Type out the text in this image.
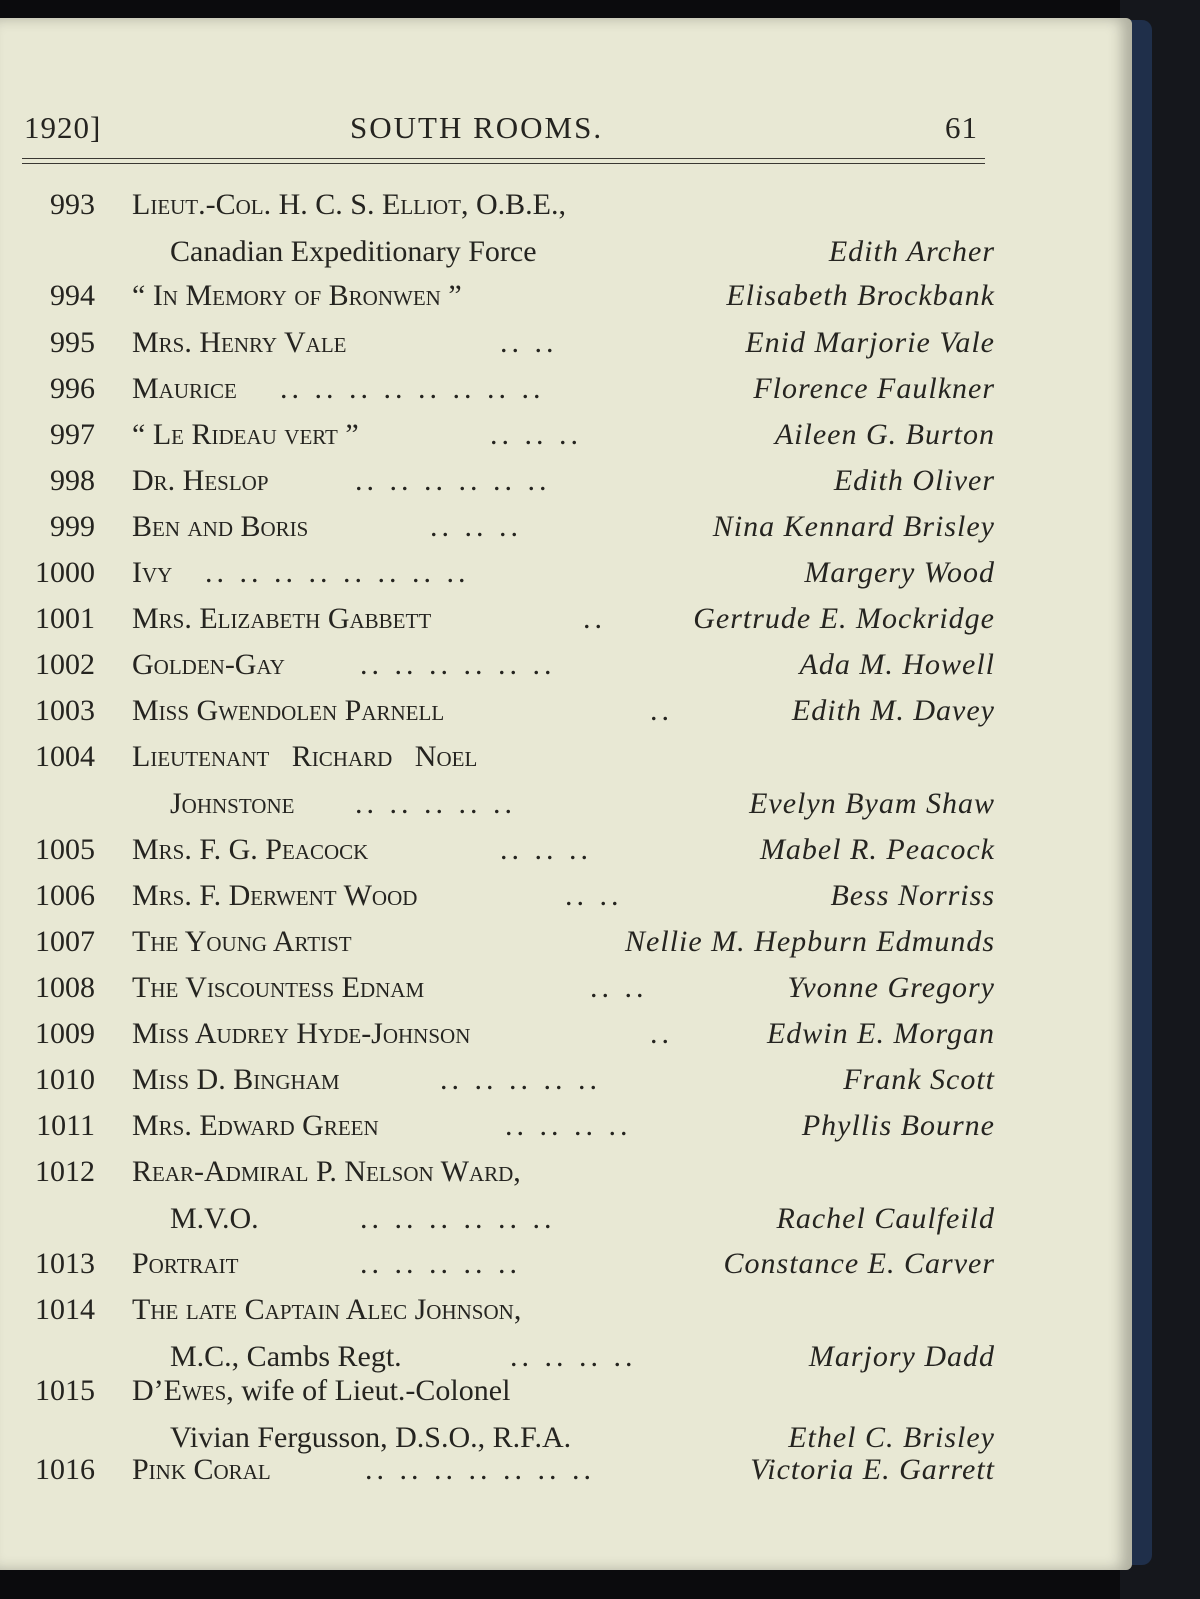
1920]	SOUTH ROOMS.	61
993 Lieut.-Col. H. C. S. Elliot, O.B.E.,
Canadian Expeditionary Force	Edith Archer
994 “ In Memory of Bronwen ”	Elisabeth Brockbank
995 Mrs. Henry Vale	.. ..	Enid Marjorie Vale
996 Maurice .. .. .. .. .. .. .. ..	Florence Faulkner
997 “ Le Rideau vert ”	.. .. ..	Aileen G. Burton
998 Dr. Heslop	.. .. .. .. .. ..	Edith Oliver
999 Ben and Boris	.. .. ..	Nina Kennard Brisley
1000 Ivy .. .. .. .. .. .. .. ..	Margery Wood
1001 Mrs. Elizabeth Gabbett	..	Gertrude E. Mockridge
1002 Golden-Gay	.. .. .. .. .. ..	Ada M. Howell
1003 Miss Gwendolen Parnell	..	Edith M. Davey
1004 Lieutenant   Richard   Noel
Johnstone .. .. .. .. ..	Evelyn Byam Shaw
1005 Mrs. F. G. Peacock	.. .. ..	Mabel R. Peacock
1006 Mrs. F. Derwent Wood	.. ..	Bess Norriss
1007 The Young Artist	Nellie M. Hepburn Edmunds
1008 The Viscountess Ednam	.. ..	Yvonne Gregory
1009 Miss Audrey Hyde-Johnson	..	Edwin E. Morgan
1010 Miss D. Bingham	.. .. .. .. ..	Frank Scott
1011 Mrs. Edward Green	.. .. .. ..	Phyllis Bourne
1012 Rear-Admiral P. Nelson Ward,
M.V.O.	.. .. .. .. .. ..	Rachel Caulfeild
1013 Portrait	.. .. .. .. ..	Constance E. Carver
1014 The late Captain Alec Johnson,
M.C., Cambs Regt.	.. .. .. ..	Marjory Dadd
1015 D’Ewes, wife of Lieut.-Colonel
Vivian Fergusson, D.S.O., R.F.A.	Ethel C. Brisley
1016 Pink Coral	.. .. .. .. .. .. ..	Victoria E. Garrett
